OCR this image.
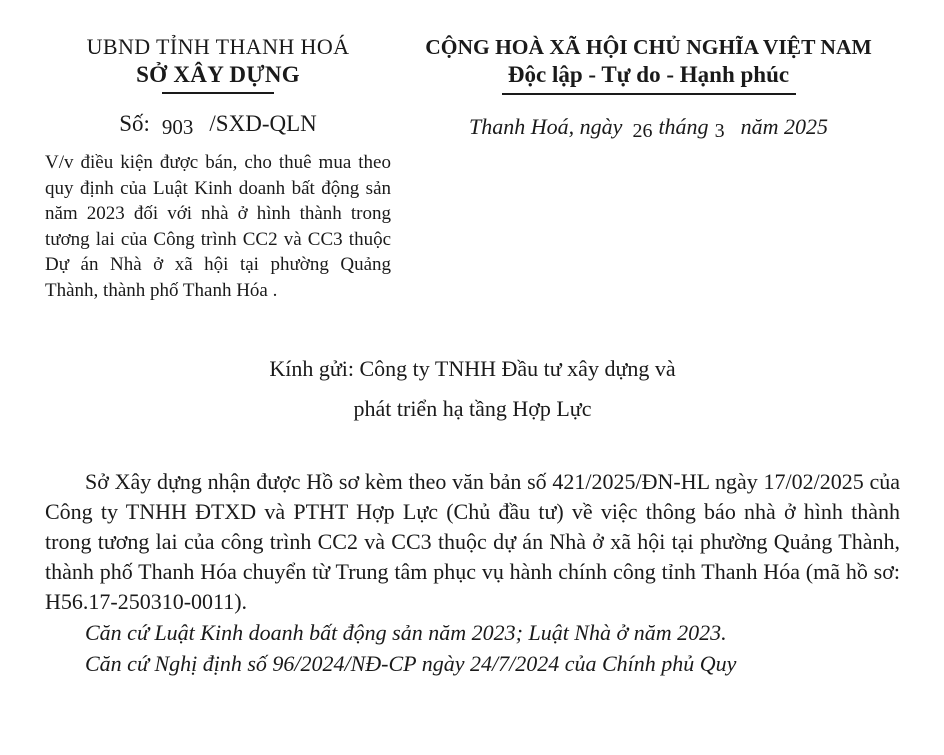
UBND TỈNH THANH HOÁ
SỞ XÂY DỰNG
Số: 903 /SXD-QLN
V/v điều kiện được bán, cho thuê mua theo quy định của Luật Kinh doanh bất động sản năm 2023 đối với nhà ở hình thành trong tương lai của Công trình CC2 và CC3 thuộc Dự án Nhà ở xã hội tại phường Quảng Thành, thành phố Thanh Hóa .
CỘNG HOÀ XÃ HỘI CHỦ NGHĨA VIỆT NAM
Độc lập - Tự do - Hạnh phúc
Thanh Hoá, ngày 26 tháng 3 năm 2025
Kính gửi: Công ty TNHH Đầu tư xây dựng và
phát triển hạ tầng Hợp Lực

Sở Xây dựng nhận được Hồ sơ kèm theo văn bản số 421/2025/ĐN-HL ngày 17/02/2025 của Công ty TNHH ĐTXD và PTHT Hợp Lực (Chủ đầu tư) về việc thông báo nhà ở hình thành trong tương lai của công trình CC2 và CC3 thuộc dự án Nhà ở xã hội tại phường Quảng Thành, thành phố Thanh Hóa chuyển từ Trung tâm phục vụ hành chính công tỉnh Thanh Hóa (mã hồ sơ: H56.17-250310-0011).

Căn cứ Luật Kinh doanh bất động sản năm 2023; Luật Nhà ở năm 2023.

Căn cứ Nghị định số 96/2024/NĐ-CP ngày 24/7/2024 của Chính phủ Quy
